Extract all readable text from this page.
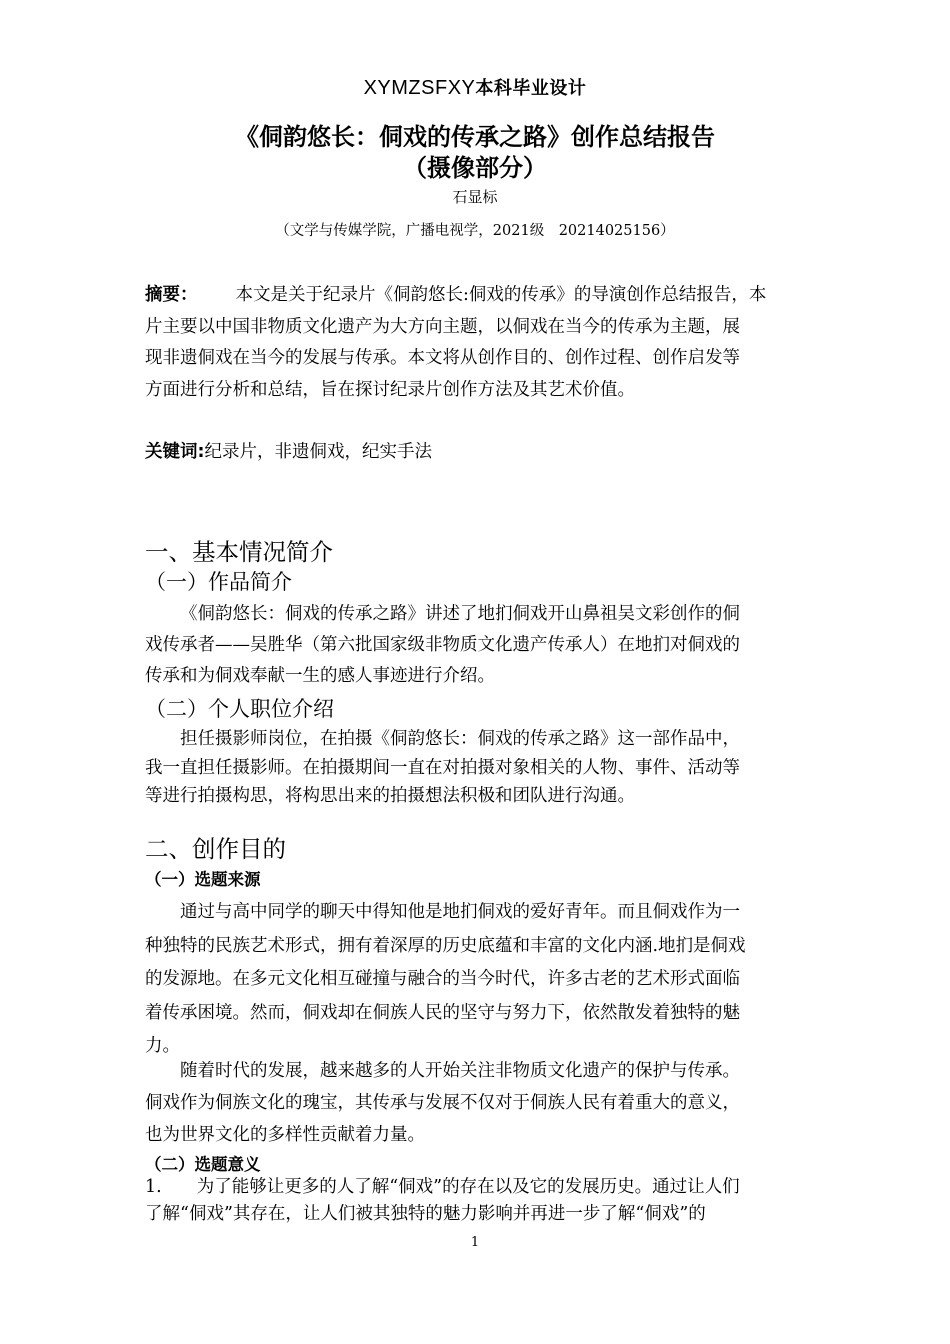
XYMZSFXY本科毕业设计
《侗韵悠长：侗戏的传承之路》创作总结报告
（摄像部分）
石显标
（文学与传媒学院，广播电视学，2021级　20214025156）
摘要： 本文是关于纪录片《侗韵悠长:侗戏的传承》的导演创作总结报告，本
片主要以中国非物质文化遗产为大方向主题，以侗戏在当今的传承为主题，展
现非遗侗戏在当今的发展与传承。本文将从创作目的、创作过程、创作启发等
方面进行分析和总结，旨在探讨纪录片创作方法及其艺术价值。
关键词:纪录片，非遗侗戏，纪实手法
一、基本情况简介
（一）作品简介
《侗韵悠长：侗戏的传承之路》讲述了地扪侗戏开山鼻祖吴文彩创作的侗
戏传承者——吴胜华（第六批国家级非物质文化遗产传承人）在地扪对侗戏的
传承和为侗戏奉献一生的感人事迹进行介绍。
（二）个人职位介绍
担任摄影师岗位，在拍摄《侗韵悠长：侗戏的传承之路》这一部作品中，
我一直担任摄影师。在拍摄期间一直在对拍摄对象相关的人物、事件、活动等
等进行拍摄构思，将构思出来的拍摄想法积极和团队进行沟通。
二、创作目的
（一）选题来源
通过与高中同学的聊天中得知他是地扪侗戏的爱好青年。而且侗戏作为一
种独特的民族艺术形式，拥有着深厚的历史底蕴和丰富的文化内涵.地扪是侗戏
的发源地。在多元文化相互碰撞与融合的当今时代，许多古老的艺术形式面临
着传承困境。然而，侗戏却在侗族人民的坚守与努力下，依然散发着独特的魅
力。
随着时代的发展，越来越多的人开始关注非物质文化遗产的保护与传承。
侗戏作为侗族文化的瑰宝，其传承与发展不仅对于侗族人民有着重大的意义，
也为世界文化的多样性贡献着力量。
（二）选题意义
1.　　为了能够让更多的人了解“侗戏”的存在以及它的发展历史。通过让人们
了解“侗戏”其存在，让人们被其独特的魅力影响并再进一步了解“侗戏”的
1
